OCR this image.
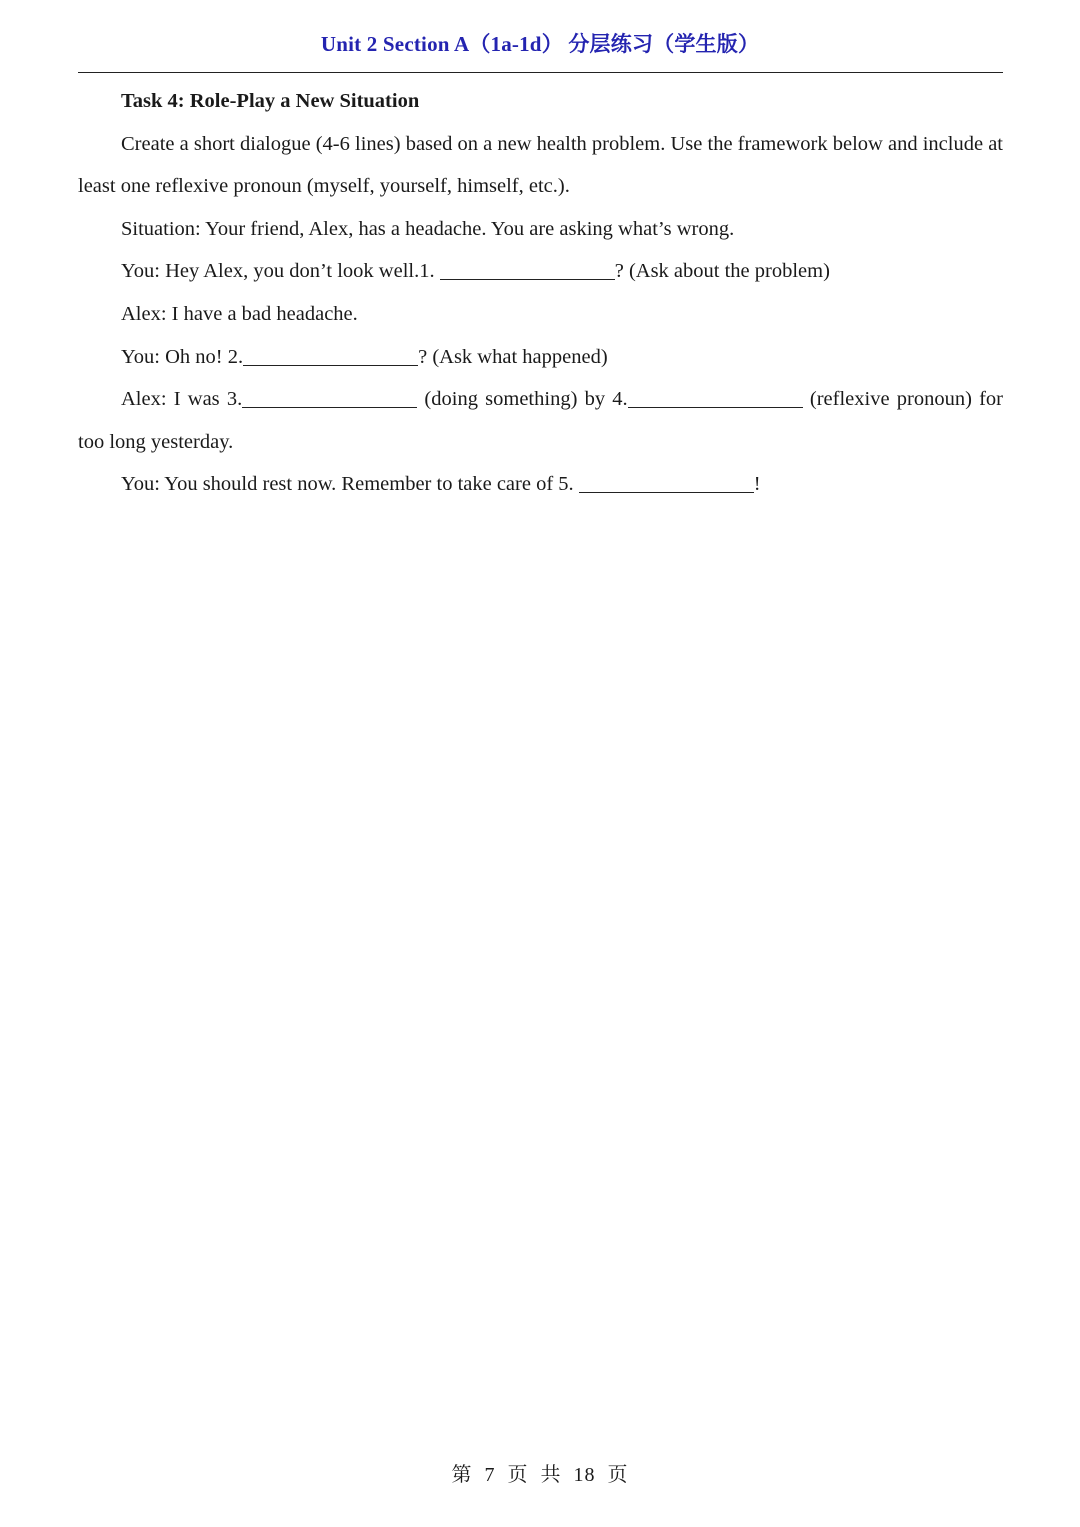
Unit 2 Section A（1a-1d） 分层练习（学生版）

Task 4: Role-Play a New Situation

Create a short dialogue (4-6 lines) based on a new health problem. Use the framework below and include at least one reflexive pronoun (myself, yourself, himself, etc.).

Situation: Your friend, Alex, has a headache. You are asking what’s wrong.

You: Hey Alex, you don’t look well.1.	? (Ask about the problem)

Alex: I have a bad headache.

You: Oh no! 2.	? (Ask what happened)

Alex: I was 3.	(doing something) by 4.	(reflexive pronoun) for too long yesterday.

You: You should rest now. Remember to take care of 5.	!

第 7 页 共 18 页
